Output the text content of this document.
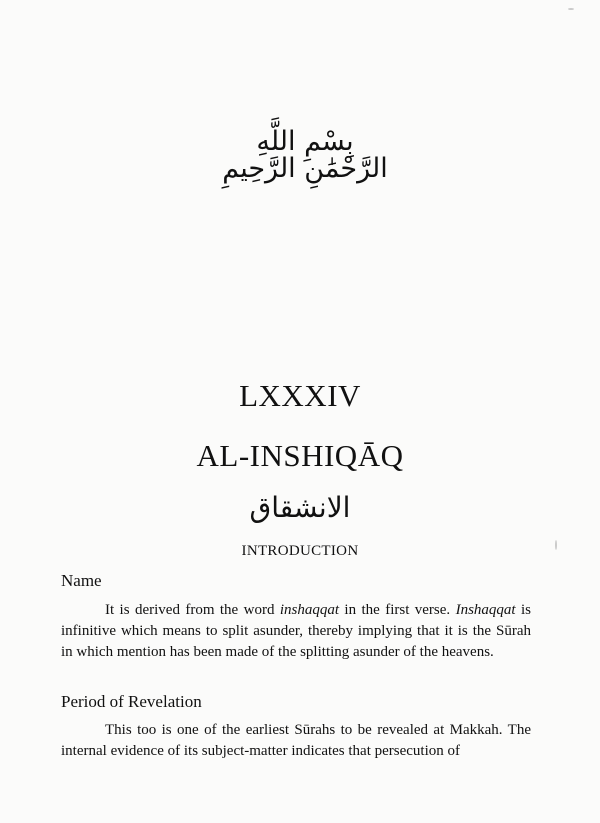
بِسْمِ اللَّهِ الرَّحْمَٰنِ الرَّحِيمِ
LXXXIV
AL-INSHIQĀQ
الانشقاق
INTRODUCTION
Name

It is derived from the word inshaqqat in the first verse. Inshaqqat is infinitive which means to split asunder, thereby implying that it is the Sūrah in which mention has been made of the splitting asunder of the heavens.

Period of Revelation

This too is one of the earliest Sūrahs to be revealed at Makkah. The internal evidence of its subject-matter indicates that persecution of
